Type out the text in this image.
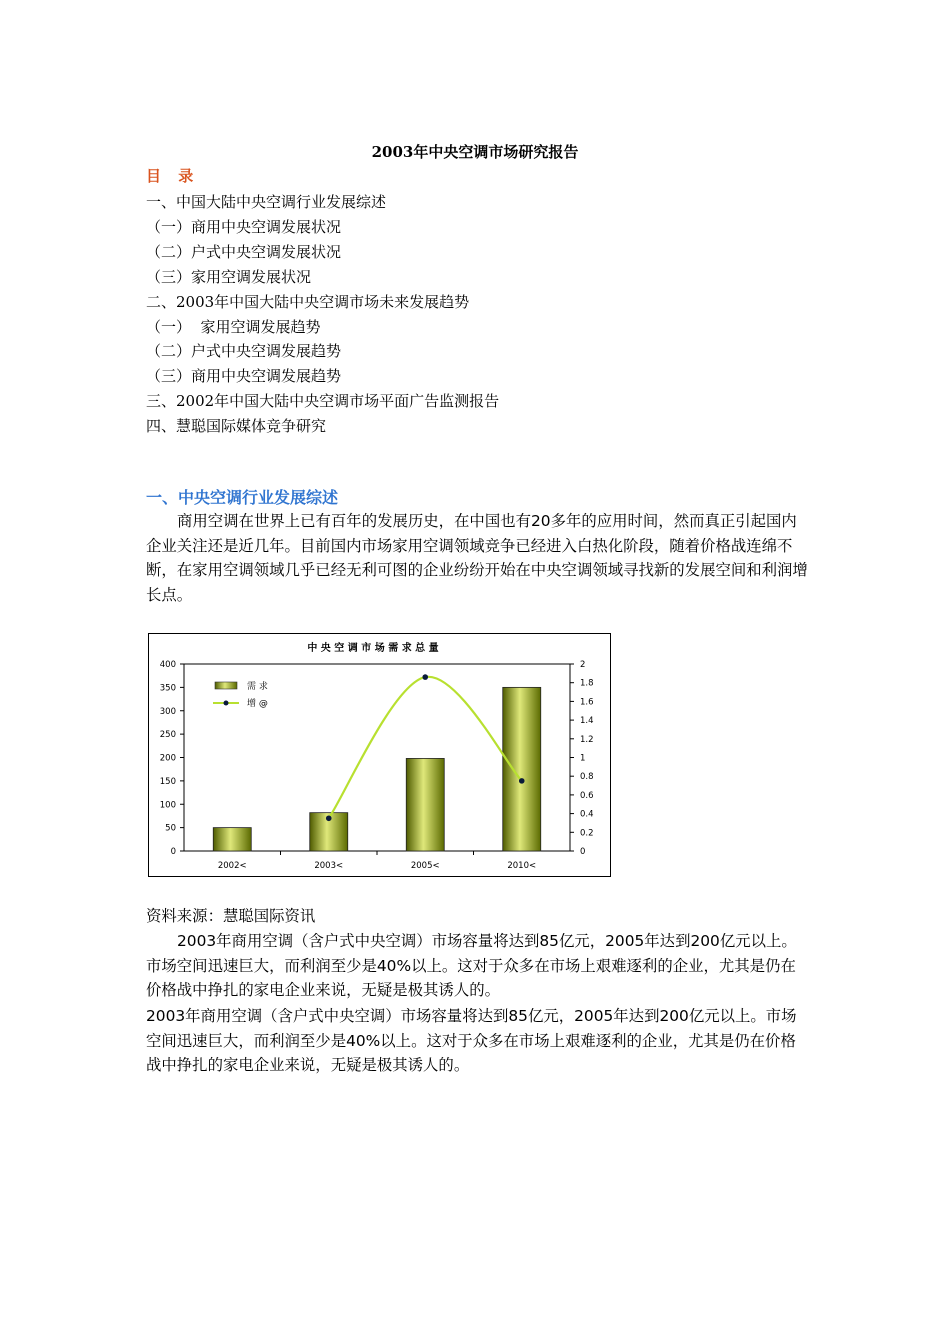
2003年中央空调市场研究报告
目 录
一、中国大陆中央空调行业发展综述
（一）商用中央空调发展状况
（二）户式中央空调发展状况
（三）家用空调发展状况
二、2003年中国大陆中央空调市场未来发展趋势
（一）  家用空调发展趋势
（二）户式中央空调发展趋势
（三）商用中央空调发展趋势
三、2002年中国大陆中央空调市场平面广告监测报告
四、慧聪国际媒体竞争研究
一、中央空调行业发展综述

商用空调在世界上已有百年的发展历史，在中国也有20多年的应用时间，然而真正引起国内企业关注还是近几年。目前国内市场家用空调领域竞争已经进入白热化阶段，随着价格战连绵不断，在家用空调领域几乎已经无利可图的企业纷纷开始在中央空调领域寻找新的发展空间和利润增长点。

中 央 空 调 市 场 需 求 总 量
0
50
100
150
200
250
300
350
400
0
0.2
0.4
0.6
0.8
1
1.2
1.4
1.6
1.8
2
2002<	2003<	2005<	2010<
需 求
增 @

资料来源：慧聪国际资讯

2003年商用空调（含户式中央空调）市场容量将达到85亿元，2005年达到200亿元以上。市场空间迅速巨大，而利润至少是40%以上。这对于众多在市场上艰难逐利的企业，尤其是仍在价格战中挣扎的家电企业来说，无疑是极其诱人的。

2003年商用空调（含户式中央空调）市场容量将达到85亿元，2005年达到200亿元以上。市场空间迅速巨大，而利润至少是40%以上。这对于众多在市场上艰难逐利的企业，尤其是仍在价格战中挣扎的家电企业来说，无疑是极其诱人的。
